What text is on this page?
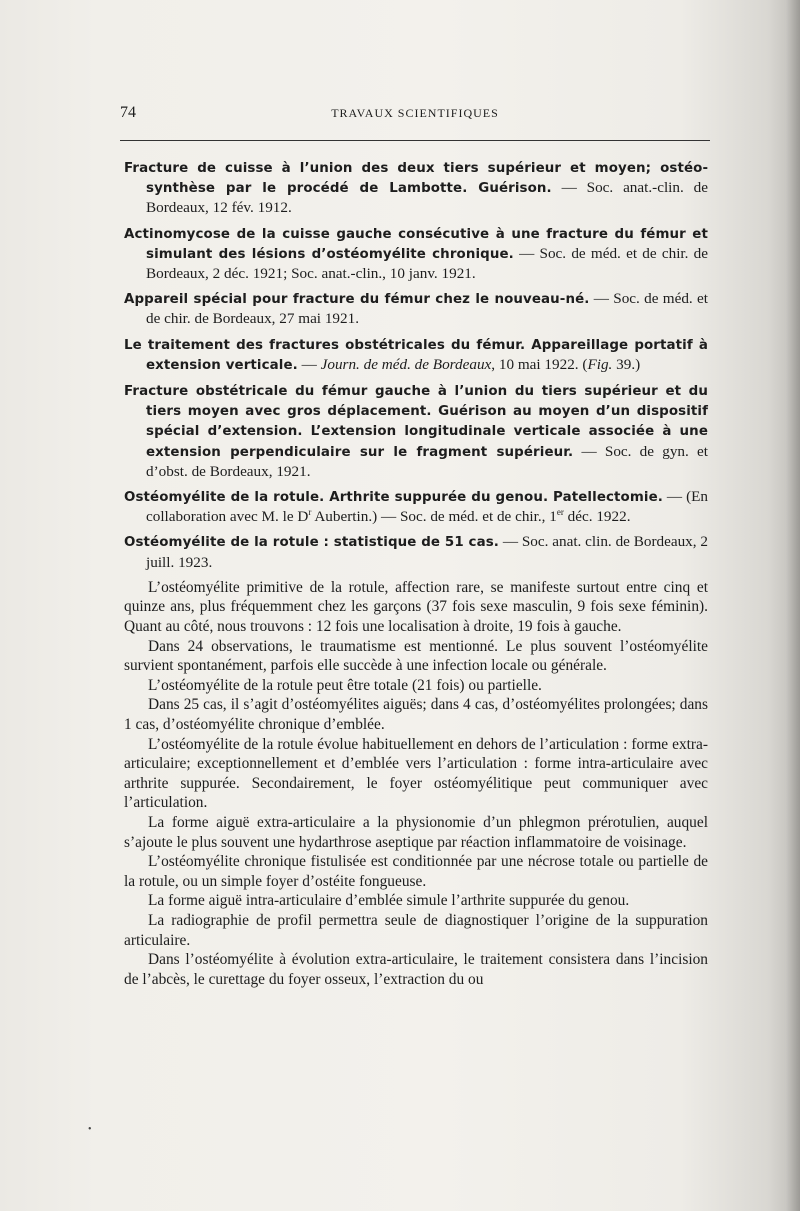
74	TRAVAUX SCIENTIFIQUES

Fracture de cuisse à l’union des deux tiers supérieur et moyen; ostéosynthèse par le procédé de Lambotte. Guérison. — Soc. anat.-clin. de Bordeaux, 12 fév. 1912.

Actinomycose de la cuisse gauche consécutive à une fracture du fémur et simulant des lésions d’ostéomyélite chronique. — Soc. de méd. et de chir. de Bordeaux, 2 déc. 1921; Soc. anat.-clin., 10 janv. 1921.

Appareil spécial pour fracture du fémur chez le nouveau-né. — Soc. de méd. et de chir. de Bordeaux, 27 mai 1921.

Le traitement des fractures obstétricales du fémur. Appareillage portatif à extension verticale. — Journ. de méd. de Bordeaux, 10 mai 1922. (Fig. 39.)

Fracture obstétricale du fémur gauche à l’union du tiers supérieur et du tiers moyen avec gros déplacement. Guérison au moyen d’un dispositif spécial d’extension. L’extension longitudinale verticale associée à une extension perpendiculaire sur le fragment supérieur. — Soc. de gyn. et d’obst. de Bordeaux, 1921.

Ostéomyélite de la rotule. Arthrite suppurée du genou. Patellectomie. — (En collaboration avec M. le $D^r$ Aubertin.) — Soc. de méd. et de chir., 1er déc. 1922.

Ostéomyélite de la rotule : statistique de 51 cas. — Soc. anat. clin. de Bordeaux, 2 juill. 1923.

L’ostéomyélite primitive de la rotule, affection rare, se manifeste surtout entre cinq et quinze ans, plus fréquemment chez les garçons (37 fois sexe masculin, 9 fois sexe féminin). Quant au côté, nous trouvons : 12 fois une localisation à droite, 19 fois à gauche.

Dans 24 observations, le traumatisme est mentionné. Le plus souvent l’ostéomyélite survient spontanément, parfois elle succède à une infection locale ou générale.

L’ostéomyélite de la rotule peut être totale (21 fois) ou partielle.

Dans 25 cas, il s’agit d’ostéomyélites aiguës; dans 4 cas, d’ostéomyélites prolongées; dans 1 cas, d’ostéomyélite chronique d’emblée.

L’ostéomyélite de la rotule évolue habituellement en dehors de l’articulation : forme extra-articulaire; exceptionnellement et d’emblée vers l’articulation : forme intra-articulaire avec arthrite suppurée. Secondairement, le foyer ostéomyélitique peut communiquer avec l’articulation.

La forme aiguë extra-articulaire a la physionomie d’un phlegmon prérotulien, auquel s’ajoute le plus souvent une hydarthrose aseptique par réaction inflammatoire de voisinage.

L’ostéomyélite chronique fistulisée est conditionnée par une nécrose totale ou partielle de la rotule, ou un simple foyer d’ostéite fongueuse.

La forme aiguë intra-articulaire d’emblée simule l’arthrite suppurée du genou.

La radiographie de profil permettra seule de diagnostiquer l’origine de la suppuration articulaire.

Dans l’ostéomyélite à évolution extra-articulaire, le traitement consistera dans l’incision de l’abcès, le curettage du foyer osseux, l’extraction du ou

•
